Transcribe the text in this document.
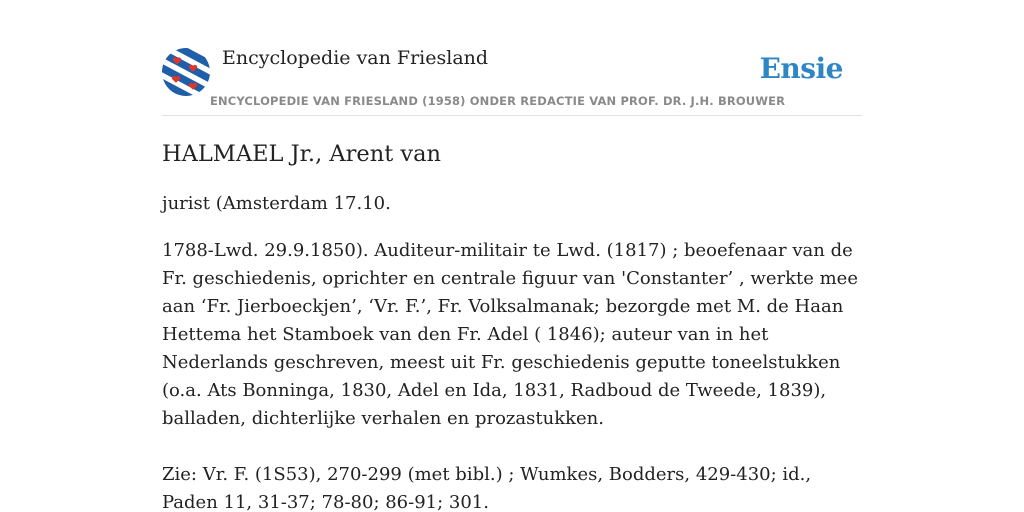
Encyclopedie van Friesland	Ensie
ENCYCLOPEDIE VAN FRIESLAND (1958) ONDER REDACTIE VAN PROF. DR. J.H. BROUWER
HALMAEL Jr., Arent van

jurist (Amsterdam 17.10.

1788-Lwd. 29.9.1850). Auditeur-militair te Lwd. (1817) ; beoefenaar van de Fr. geschiedenis, oprichter en centrale figuur van 'Constanter’ , werkte mee aan ‘Fr. Jierboeckjen’, ‘Vr. F.’, Fr. Volksalmanak; bezorgde met M. de Haan Hettema het Stamboek van den Fr. Adel ( 1846); auteur van in het Nederlands geschreven, meest uit Fr. geschiedenis geputte toneelstukken (o.a. Ats Bonninga, 1830, Adel en Ida, 1831, Radboud de Tweede, 1839), balladen, dichterlijke verhalen en prozastukken.

Zie: Vr. F. (1S53), 270-299 (met bibl.) ; Wumkes, Bodders, 429-430; id., Paden 11, 31-37; 78-80; 86-91; 301.
